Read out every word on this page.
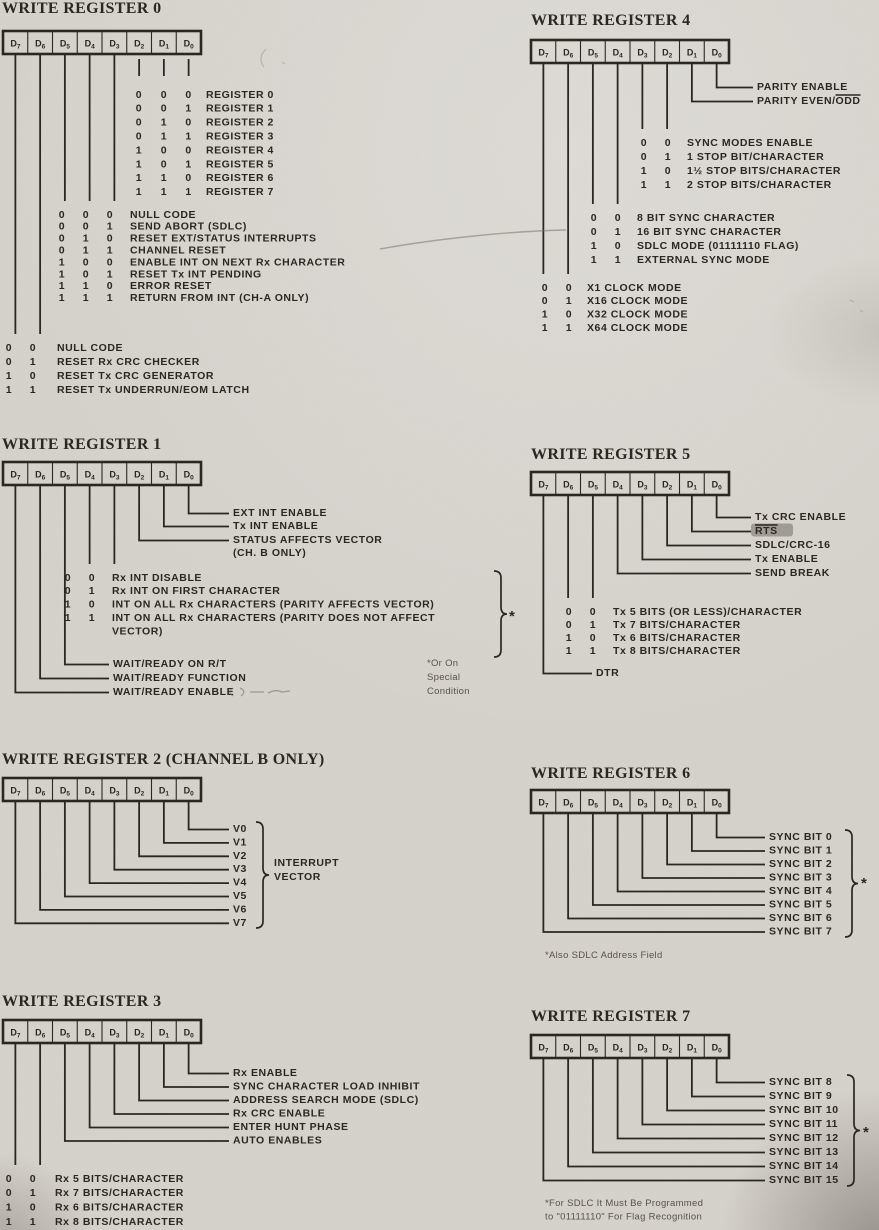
WRITE REGISTER 0
$D_7$ $D_6$ $D_5$ $D_4$ $D_3$ $D_2$ $D_1$ $D_0$
0 0 0 REGISTER 0
0 0 1 REGISTER 1
0 1 0 REGISTER 2
0 1 1 REGISTER 3
1 0 0 REGISTER 4
1 0 1 REGISTER 5
1 1 0 REGISTER 6
1 1 1 REGISTER 7
0 0 0 NULL CODE
0 0 1 SEND ABORT (SDLC)
0 1 0 RESET EXT/STATUS INTERRUPTS
0 1 1 CHANNEL RESET
1 0 0 ENABLE INT ON NEXT Rx CHARACTER
1 0 1 RESET Tx INT PENDING
1 1 0 ERROR RESET
1 1 1 RETURN FROM INT (CH-A ONLY)
0 0 NULL CODE
0 1 RESET Rx CRC CHECKER
1 0 RESET Tx CRC GENERATOR
1 1 RESET Tx UNDERRUN/EOM LATCH
WRITE REGISTER 1
$D_7$ $D_6$ $D_5$ $D_4$ $D_3$ $D_2$ $D_1$ $D_0$
EXT INT ENABLE
Tx INT ENABLE
STATUS AFFECTS VECTOR
(CH. B ONLY)
WAIT/READY ON R/T
WAIT/READY FUNCTION
WAIT/READY ENABLE
0 0 Rx INT DISABLE
0 1 Rx INT ON FIRST CHARACTER
1 0 INT ON ALL Rx CHARACTERS (PARITY AFFECTS VECTOR)
1 1 INT ON ALL Rx CHARACTERS (PARITY DOES NOT AFFECT
VECTOR)
*
*Or On
Special
Condition
WRITE REGISTER 2 (CHANNEL B ONLY)
$D_7$ $D_6$ $D_5$ $D_4$ $D_3$ $D_2$ $D_1$ $D_0$
V0
V1
V2
V3
V4
V5
V6
V7
INTERRUPT
VECTOR
WRITE REGISTER 3
$D_7$ $D_6$ $D_5$ $D_4$ $D_3$ $D_2$ $D_1$ $D_0$
Rx ENABLE
SYNC CHARACTER LOAD INHIBIT
ADDRESS SEARCH MODE (SDLC)
Rx CRC ENABLE
ENTER HUNT PHASE
AUTO ENABLES
0 0 Rx 5 BITS/CHARACTER
0 1 Rx 7 BITS/CHARACTER
1 0 Rx 6 BITS/CHARACTER
1 1 Rx 8 BITS/CHARACTER
WRITE REGISTER 4
$D_7$ $D_6$ $D_5$ $D_4$ $D_3$ $D_2$ $D_1$ $D_0$
PARITY ENABLE
PARITY EVEN/ODD
0 0 SYNC MODES ENABLE
0 1 1 STOP BIT/CHARACTER
1 0 1½ STOP BITS/CHARACTER
1 1 2 STOP BITS/CHARACTER
0 0 8 BIT SYNC CHARACTER
0 1 16 BIT SYNC CHARACTER
1 0 SDLC MODE (01111110 FLAG)
1 1 EXTERNAL SYNC MODE
0 0 X1 CLOCK MODE
0 1 X16 CLOCK MODE
1 0 X32 CLOCK MODE
1 1 X64 CLOCK MODE
WRITE REGISTER 5
$D_7$ $D_6$ $D_5$ $D_4$ $D_3$ $D_2$ $D_1$ $D_0$
Tx CRC ENABLE
RTS
SDLC/CRC-16
Tx ENABLE
SEND BREAK
DTR
0 0 Tx 5 BITS (OR LESS)/CHARACTER
0 1 Tx 7 BITS/CHARACTER
1 0 Tx 6 BITS/CHARACTER
1 1 Tx 8 BITS/CHARACTER
WRITE REGISTER 6
$D_7$ $D_6$ $D_5$ $D_4$ $D_3$ $D_2$ $D_1$ $D_0$
SYNC BIT 0
SYNC BIT 1
SYNC BIT 2
SYNC BIT 3
SYNC BIT 4
SYNC BIT 5
SYNC BIT 6
SYNC BIT 7
*
*Also SDLC Address Field
WRITE REGISTER 7
$D_7$ $D_6$ $D_5$ $D_4$ $D_3$ $D_2$ $D_1$ $D_0$
SYNC BIT 8
SYNC BIT 9
SYNC BIT 10
SYNC BIT 11
SYNC BIT 12
SYNC BIT 13
SYNC BIT 14
SYNC BIT 15
*
*For SDLC It Must Be Programmed
to "01111110" For Flag Recognition
